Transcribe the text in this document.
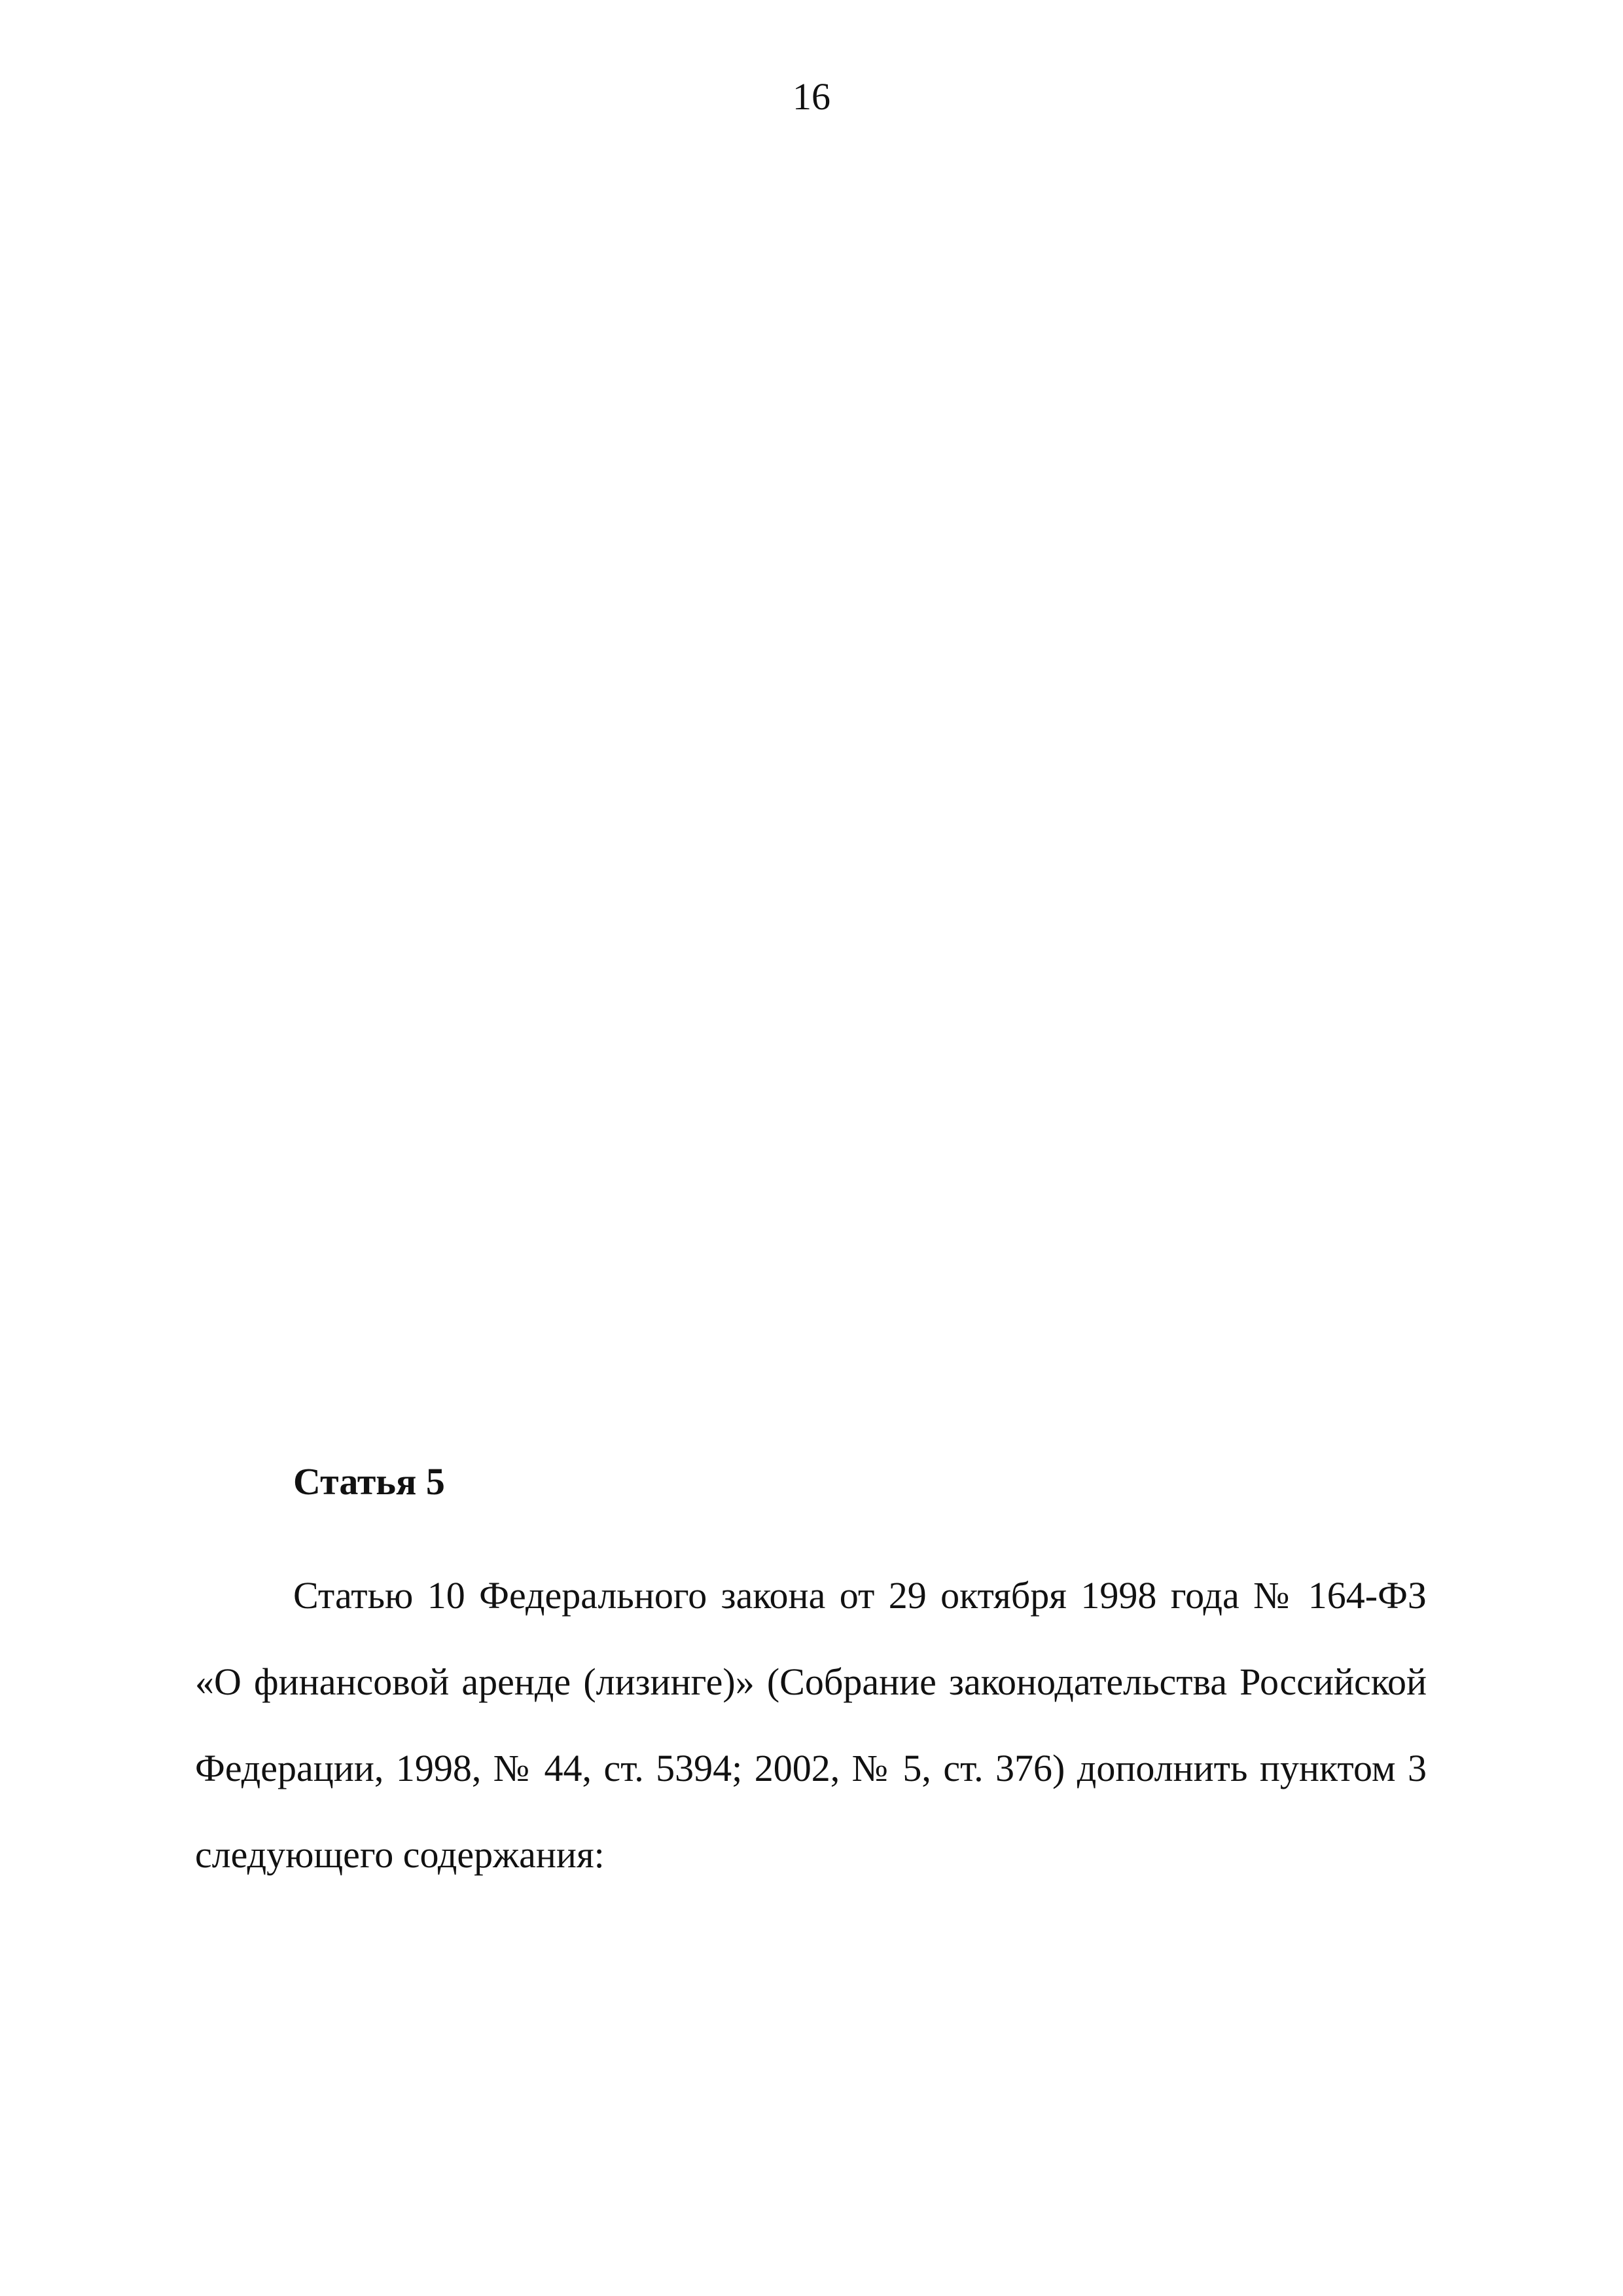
16
Статья 5
Статью 10 Федерального закона от 29 октября 1998 года № 164-ФЗ
«О финансовой аренде (лизинге)» (Собрание законодательства Российской
Федерации, 1998, № 44, ст. 5394; 2002, № 5, ст. 376) дополнить пунктом 3
следующего содержания:
